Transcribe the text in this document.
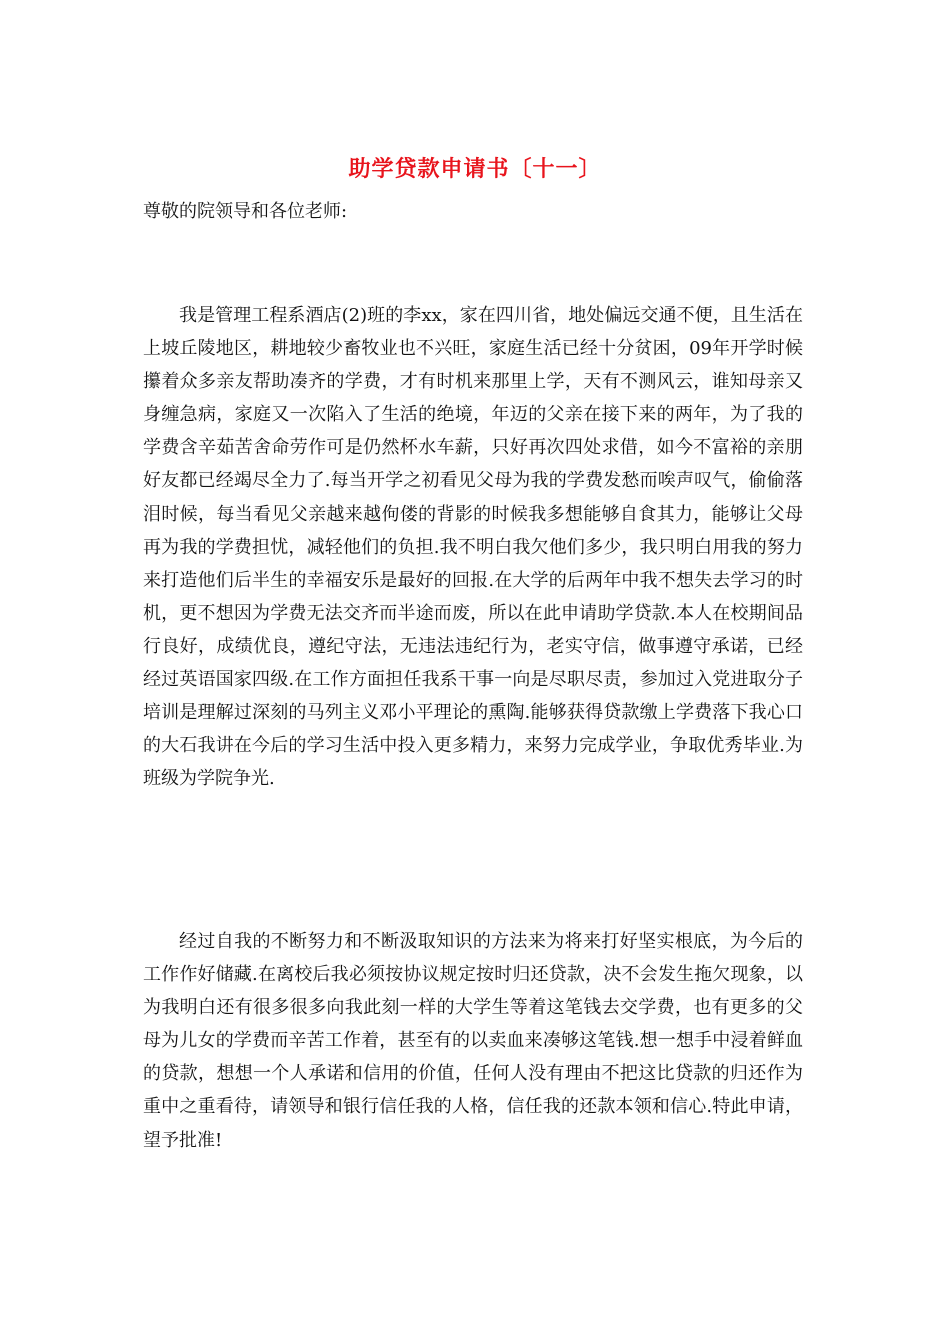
助学贷款申请书〔十一〕
尊敬的院领导和各位老师:

我是管理工程系酒店(2)班的李xx，家在四川省，地处偏远交通不便，且生活在上坡丘陵地区，耕地较少畜牧业也不兴旺，家庭生活已经十分贫困，09年开学时候攥着众多亲友帮助凑齐的学费，才有时机来那里上学，天有不测风云，谁知母亲又身缠急病，家庭又一次陷入了生活的绝境，年迈的父亲在接下来的两年，为了我的学费含辛茹苦舍命劳作可是仍然杯水车薪，只好再次四处求借，如今不富裕的亲朋好友都已经竭尽全力了.每当开学之初看见父母为我的学费发愁而唉声叹气，偷偷落泪时候，每当看见父亲越来越佝偻的背影的时候我多想能够自食其力，能够让父母再为我的学费担忧，减轻他们的负担.我不明白我欠他们多少，我只明白用我的努力来打造他们后半生的幸福安乐是最好的回报.在大学的后两年中我不想失去学习的时机，更不想因为学费无法交齐而半途而废，所以在此申请助学贷款.本人在校期间品行良好，成绩优良，遵纪守法，无违法违纪行为，老实守信，做事遵守承诺，已经经过英语国家四级.在工作方面担任我系干事一向是尽职尽责，参加过入党进取分子培训是理解过深刻的马列主义邓小平理论的熏陶.能够获得贷款缴上学费落下我心口的大石我讲在今后的学习生活中投入更多精力，来努力完成学业，争取优秀毕业.为班级为学院争光.

经过自我的不断努力和不断汲取知识的方法来为将来打好坚实根底，为今后的工作作好储藏.在离校后我必须按协议规定按时归还贷款，决不会发生拖欠现象，以为我明白还有很多很多向我此刻一样的大学生等着这笔钱去交学费，也有更多的父母为儿女的学费而辛苦工作着，甚至有的以卖血来凑够这笔钱.想一想手中浸着鲜血的贷款，想想一个人承诺和信用的价值，任何人没有理由不把这比贷款的归还作为重中之重看待，请领导和银行信任我的人格，信任我的还款本领和信心.特此申请，望予批准!
